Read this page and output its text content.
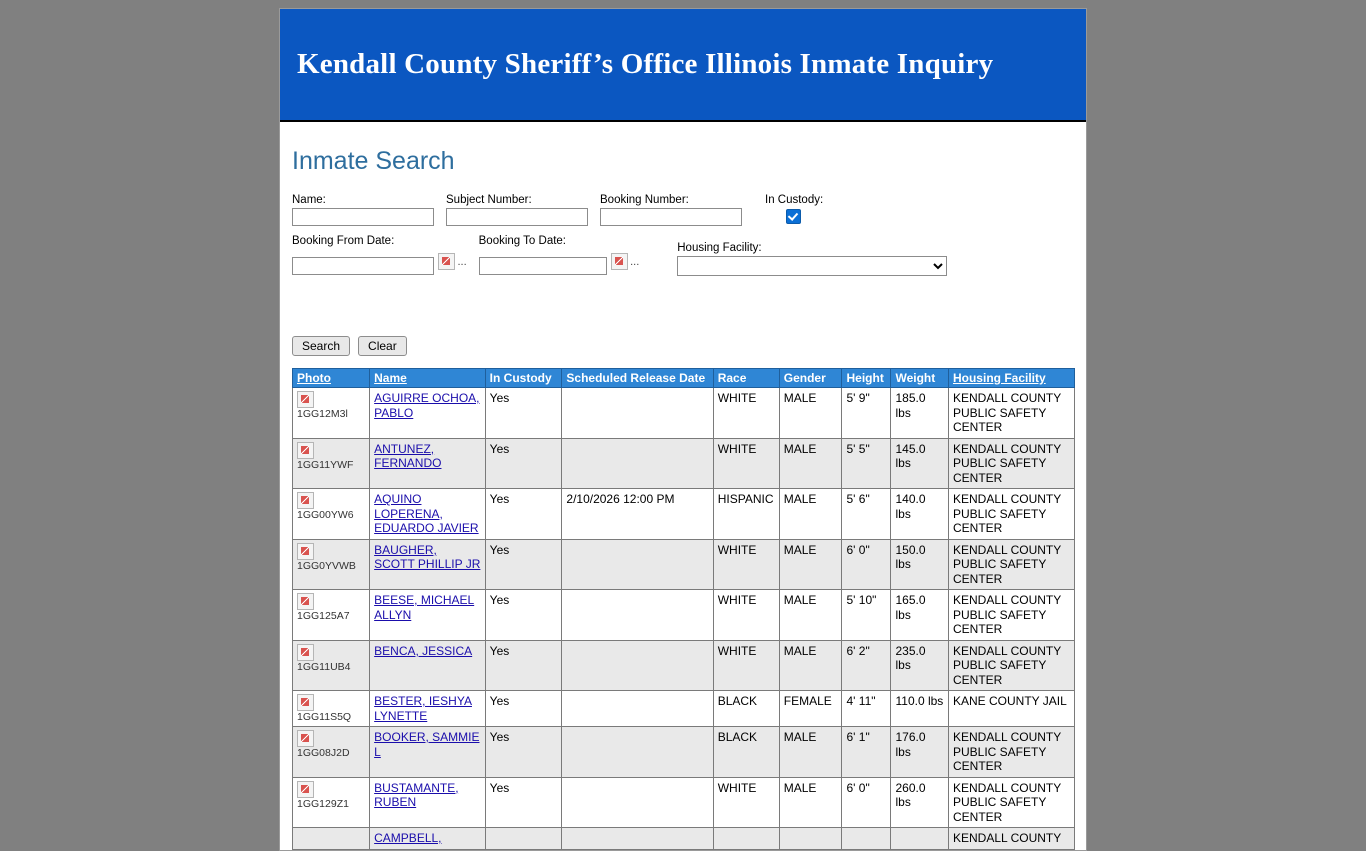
Kendall County Sheriff’s Office Illinois Inmate Inquiry
Inmate Search
Name:	Subject Number:	Booking Number:	In Custody:
Booking From Date:

...
Booking To Date:

...
Housing Facility:
Search	Clear
Photo	Name	In Custody	Scheduled Release Date	Race	Gender	Height	Weight	Housing Facility

1GG12M3l	AGUIRRE OCHOA, PABLO	Yes		WHITE	MALE	5' 9"	185.0 lbs	KENDALL COUNTY PUBLIC SAFETY CENTER

1GG11YWF	ANTUNEZ, FERNANDO	Yes		WHITE	MALE	5' 5"	145.0 lbs	KENDALL COUNTY PUBLIC SAFETY CENTER

1GG00YW6	AQUINO LOPERENA, EDUARDO JAVIER	Yes	2/10/2026 12:00 PM	HISPANIC	MALE	5' 6"	140.0 lbs	KENDALL COUNTY PUBLIC SAFETY CENTER

1GG0YVWB	BAUGHER, SCOTT PHILLIP JR	Yes		WHITE	MALE	6' 0"	150.0 lbs	KENDALL COUNTY PUBLIC SAFETY CENTER

1GG125A7	BEESE, MICHAEL ALLYN	Yes		WHITE	MALE	5' 10"	165.0 lbs	KENDALL COUNTY PUBLIC SAFETY CENTER

1GG11UB4	BENCA, JESSICA	Yes		WHITE	MALE	6' 2"	235.0 lbs	KENDALL COUNTY PUBLIC SAFETY CENTER

1GG11S5Q	BESTER, IESHYA LYNETTE	Yes		BLACK	FEMALE	4' 11"	110.0 lbs	KANE COUNTY JAIL

1GG08J2D	BOOKER, SAMMIE L	Yes		BLACK	MALE	6' 1"	176.0 lbs	KENDALL COUNTY PUBLIC SAFETY CENTER

1GG129Z1	BUSTAMANTE, RUBEN	Yes		WHITE	MALE	6' 0"	260.0 lbs	KENDALL COUNTY PUBLIC SAFETY CENTER

	CAMPBELL,							KENDALL COUNTY
